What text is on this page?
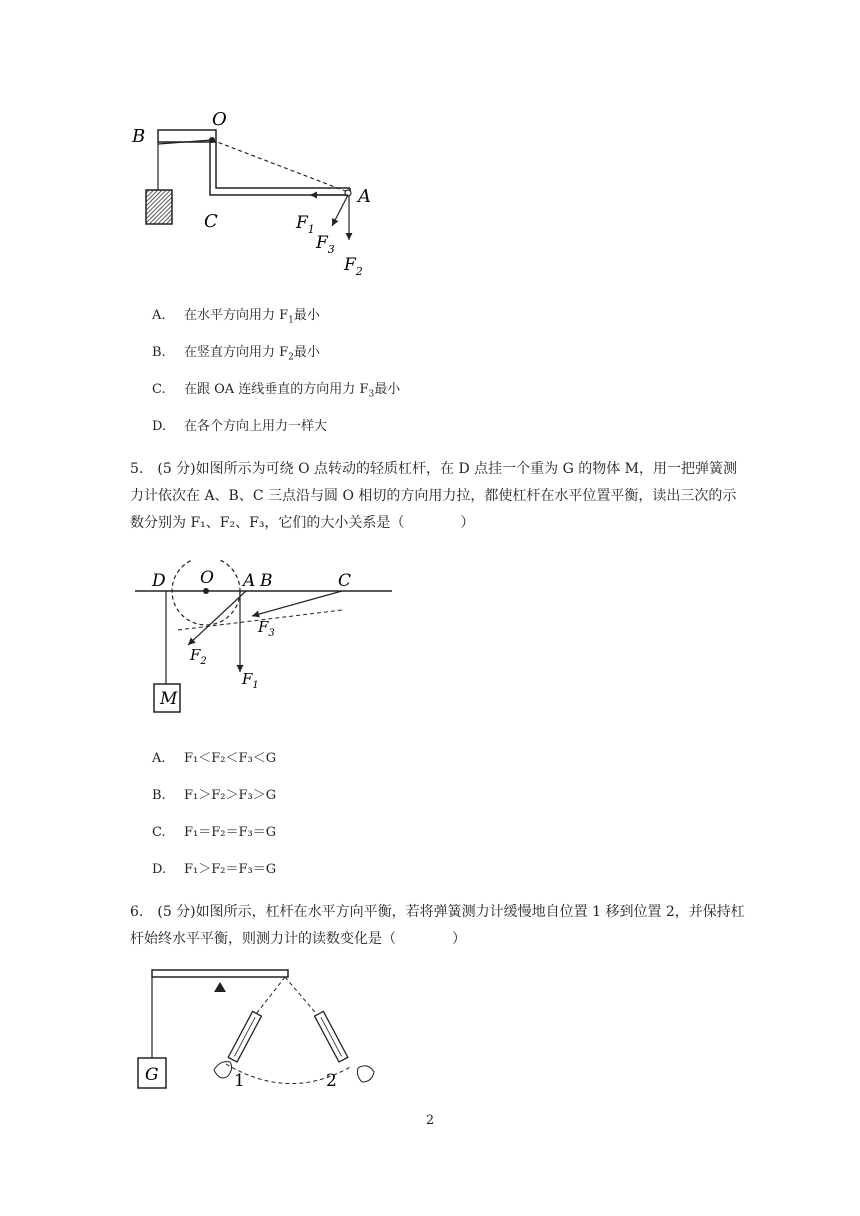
B
O
A
C	$F_1$
$F_3$
$F_2$
A. 在水平方向用力 $F_1$最小
B. 在竖直方向用力 $F_2$最小
C. 在跟 OA 连线垂直的方向用力 $F_3$最小
D. 在各个方向上用力一样大
5.　(5 分)如图所示为可绕 O 点转动的轻质杠杆，在 D 点挂一个重为 G 的物体 M，用一把弹簧测力计依次在 A、B、C 三点沿与圆 O 相切的方向用力拉，都使杠杆在水平位置平衡，读出三次的示数分别为 F₁、F₂、F₃，它们的大小关系是（　　　　）
D O A B	C
$F_3$
$F_2$
$F_1$
M
A. F₁＜F₂＜F₃＜G
B. F₁＞F₂＞F₃＞G
C. F₁＝F₂＝F₃＝G
D. F₁＞F₂＝F₃＝G
6.　(5 分)如图所示，杠杆在水平方向平衡，若将弹簧测力计缓慢地自位置 1 移到位置 2，并保持杠杆始终水平平衡，则测力计的读数变化是（　　　　）
G	1	2
2
